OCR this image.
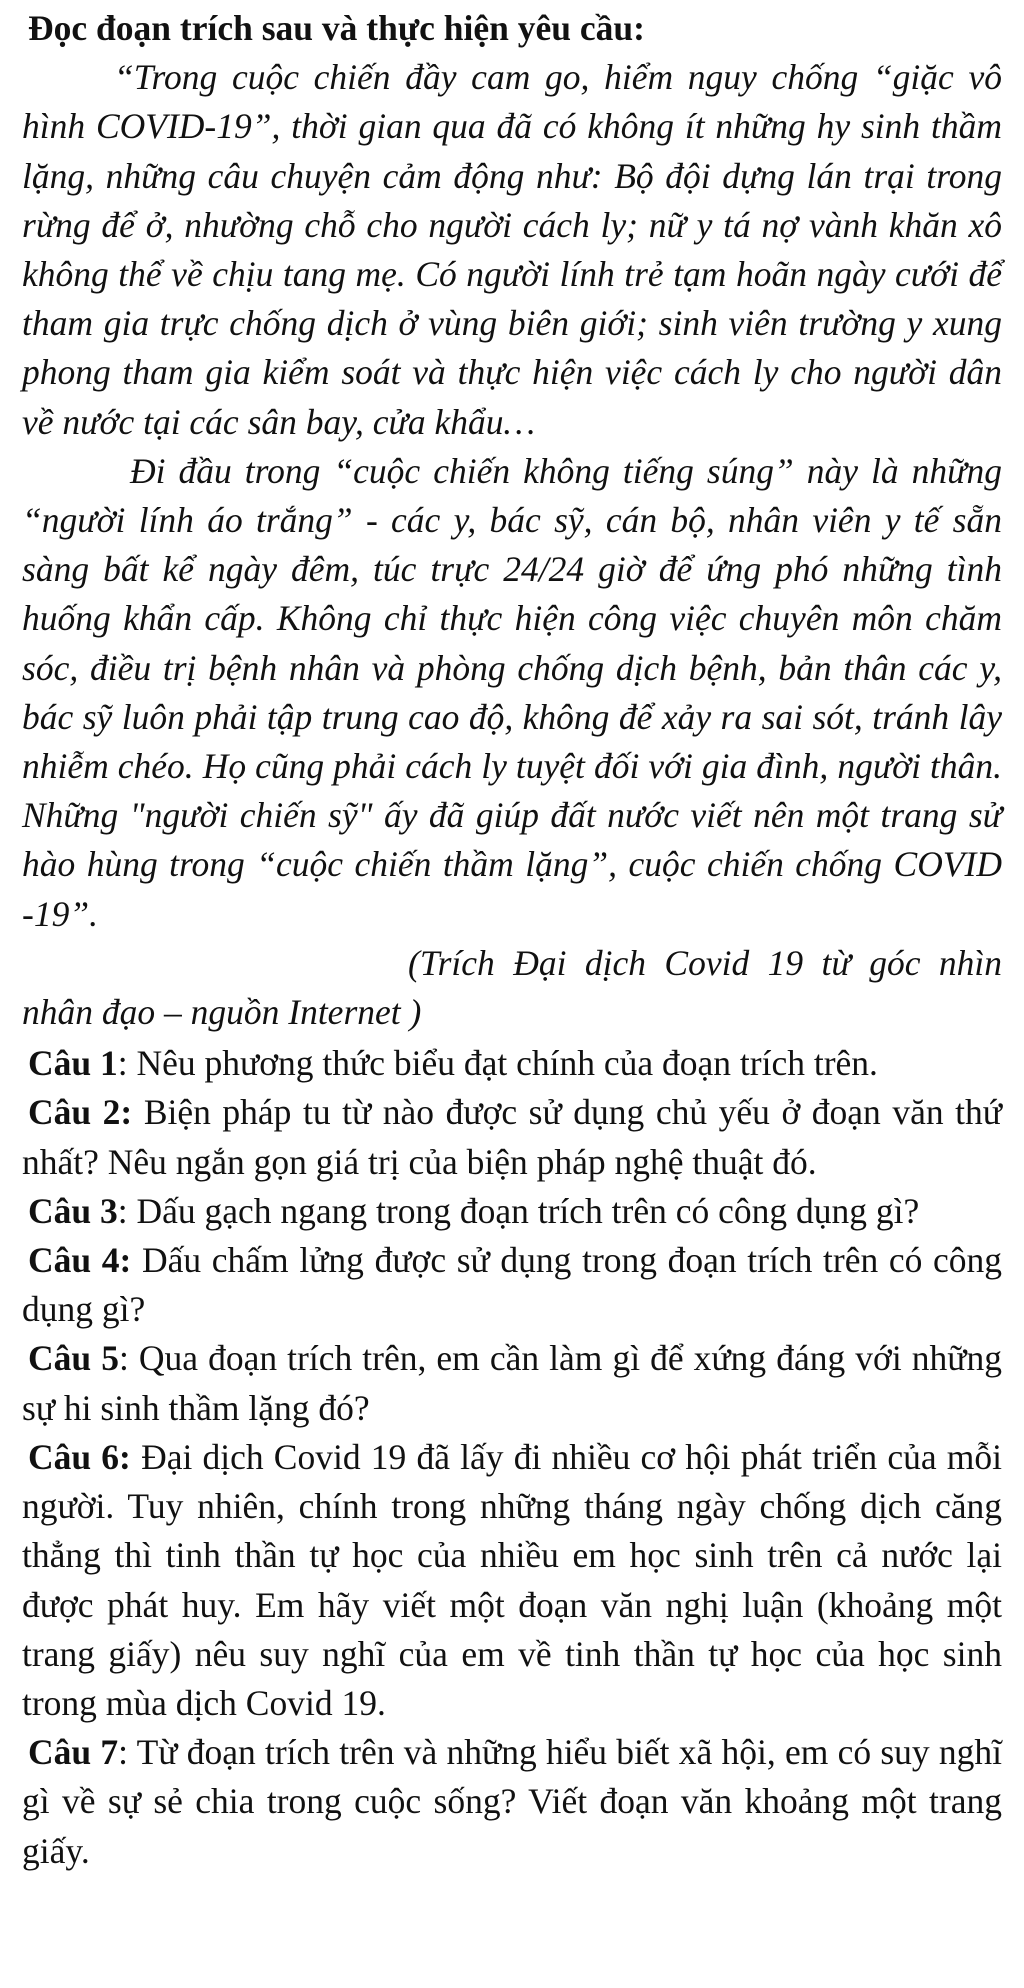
Đọc đoạn trích sau và thực hiện yêu cầu:

“Trong cuộc chiến đầy cam go, hiểm nguy chống “giặc vô hình COVID-19”, thời gian qua đã có không ít những hy sinh thầm lặng, những câu chuyện cảm động như: Bộ đội dựng lán trại trong rừng để ở, nhường chỗ cho người cách ly; nữ y tá nợ vành khăn xô không thể về chịu tang mẹ. Có người lính trẻ tạm hoãn ngày cưới để tham gia trực chống dịch ở vùng biên giới; sinh viên trường y xung phong tham gia kiểm soát và thực hiện việc cách ly cho người dân về nước tại các sân bay, cửa khẩu…

Đi đầu trong “cuộc chiến không tiếng súng” này là những “người lính áo trắng” - các y, bác sỹ, cán bộ, nhân viên y tế sẵn sàng bất kể ngày đêm, túc trực 24/24 giờ để ứng phó những tình huống khẩn cấp. Không chỉ thực hiện công việc chuyên môn chăm sóc, điều trị bệnh nhân và phòng chống dịch bệnh, bản thân các y, bác sỹ luôn phải tập trung cao độ, không để xảy ra sai sót, tránh lây nhiễm chéo. Họ cũng phải cách ly tuyệt đối với gia đình, người thân. Những "người chiến sỹ" ấy đã giúp đất nước viết nên một trang sử hào hùng trong “cuộc chiến thầm lặng”, cuộc chiến chống COVID -19”.

(Trích Đại dịch Covid 19 từ góc nhìn nhân đạo – nguồn Internet )

Câu 1: Nêu phương thức biểu đạt chính của đoạn trích trên.

Câu 2: Biện pháp tu từ nào được sử dụng chủ yếu ở đoạn văn thứ nhất? Nêu ngắn gọn giá trị của biện pháp nghệ thuật đó.

Câu 3: Dấu gạch ngang trong đoạn trích trên có công dụng gì?

Câu 4: Dấu chấm lửng được sử dụng trong đoạn trích trên có công dụng gì?

Câu 5: Qua đoạn trích trên, em cần làm gì để xứng đáng với những sự hi sinh thầm lặng đó?

Câu 6: Đại dịch Covid 19 đã lấy đi nhiều cơ hội phát triển của mỗi người. Tuy nhiên, chính trong những tháng ngày chống dịch căng thẳng thì tinh thần tự học của nhiều em học sinh trên cả nước lại được phát huy. Em hãy viết một đoạn văn nghị luận (khoảng một trang giấy) nêu suy nghĩ của em về tinh thần tự học của học sinh trong mùa dịch Covid 19.

Câu 7: Từ đoạn trích trên và những hiểu biết xã hội, em có suy nghĩ gì về sự sẻ chia trong cuộc sống? Viết đoạn văn khoảng một trang giấy.
